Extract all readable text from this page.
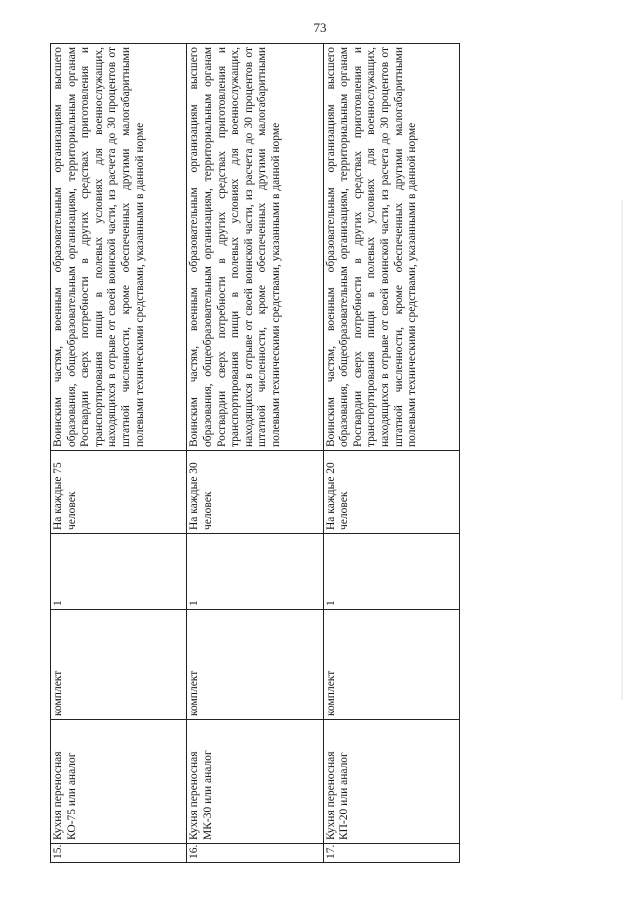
73
15.	Кухня переносная КО-75 или аналог	комплект	1	На каждые 75 человек	Воинским частям, военным образовательным организациям высшего образования, общеобразовательным организациям, территориальным органам Росгвардии сверх потребности в других средствах приготовления и транспортирования пищи в полевых условиях для военнослужащих, находящихся в отрыве от своей воинской части, из расчета до 30 процентов от штатной численности, кроме обеспеченных другими малогабаритными полевыми техническими средствами, указанными в данной норме
16.	Кухня переносная МК-30 или аналог	комплект	1	На каждые 30 человек	Воинским частям, военным образовательным организациям высшего образования, общеобразовательным организациям, территориальным органам Росгвардии сверх потребности в других средствах приготовления и транспортирования пищи в полевых условиях для военнослужащих, находящихся в отрыве от своей воинской части, из расчета до 30 процентов от штатной численности, кроме обеспеченных другими малогабаритными полевыми техническими средствами, указанными в данной норме
17.	Кухня переносная КП-20 или аналог	комплект	1	На каждые 20 человек	Воинским частям, военным образовательным организациям высшего образования, общеобразовательным организациям, территориальным органам Росгвардии сверх потребности в других средствах приготовления и транспортирования пищи в полевых условиях для военнослужащих, находящихся в отрыве от своей воинской части, из расчета до 30 процентов от штатной численности, кроме обеспеченных другими малогабаритными полевыми техническими средствами, указанными в данной норме
